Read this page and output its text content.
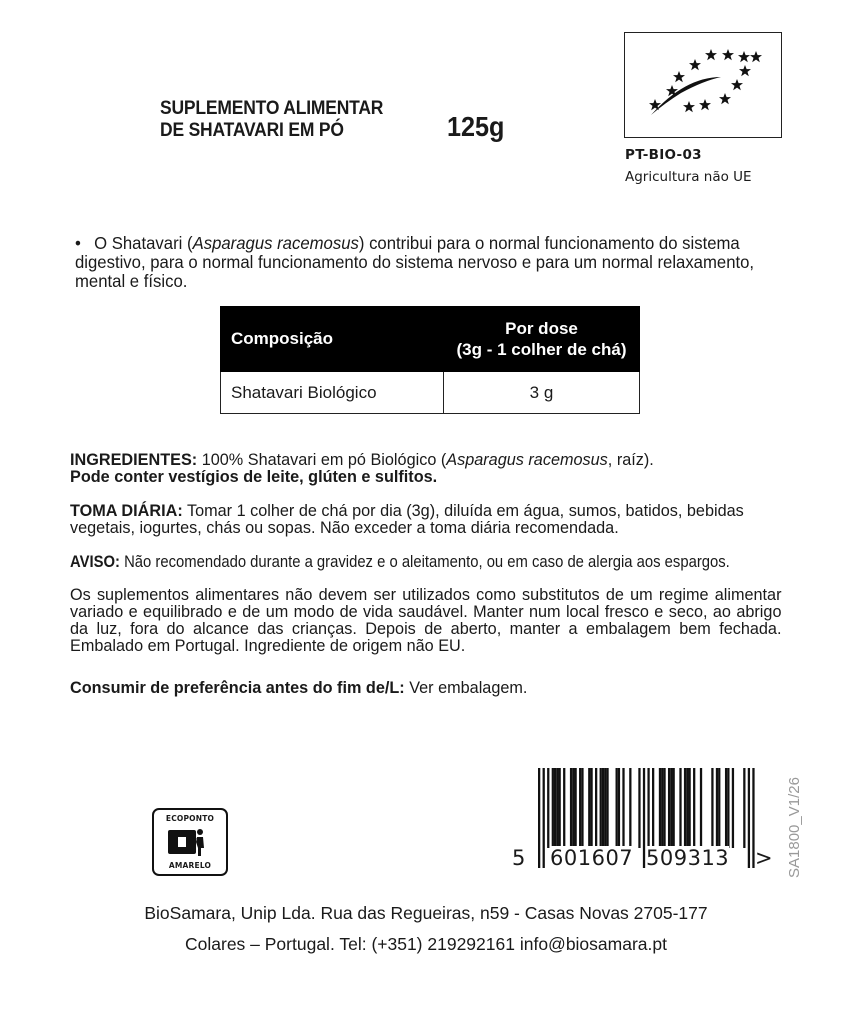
SUPLEMENTO ALIMENTAR
DE SHATAVARI EM PÓ	125g
PT-BIO-03
Agricultura não UE
• O Shatavari (Asparagus racemosus) contribui para o normal funcionamento do sistema digestivo, para o normal funcionamento do sistema nervoso e para um normal relaxamento, mental e físico.
Composição	Por dose
(3g - 1 colher de chá)

Shatavari Biológico	3 g
INGREDIENTES: 100% Shatavari em pó Biológico (Asparagus racemosus, raíz).
Pode conter vestígios de leite, glúten e sulfitos.
TOMA DIÁRIA: Tomar 1 colher de chá por dia (3g), diluída em água, sumos, batidos, bebidas vegetais, iogurtes, chás ou sopas. Não exceder a toma diária recomendada.
AVISO: Não recomendado durante a gravidez e o aleitamento, ou em caso de alergia aos espargos.
Os suplementos alimentares não devem ser utilizados como substitutos de um regime alimentar variado e equilibrado e de um modo de vida saudável. Manter num local fresco e seco, ao abrigo da luz, fora do alcance das crianças. Depois de aberto, manter a embalagem bem fechada. Embalado em Portugal. Ingrediente de origem não EU.
Consumir de preferência antes do fim de/L: Ver embalagem.
ECOPONTO
AMARELO	5 601607 509313 > SA1800_V1/26
BioSamara, Unip Lda. Rua das Regueiras, n59 - Casas Novas 2705-177
Colares – Portugal. Tel: (+351) 219292161 info@biosamara.pt
